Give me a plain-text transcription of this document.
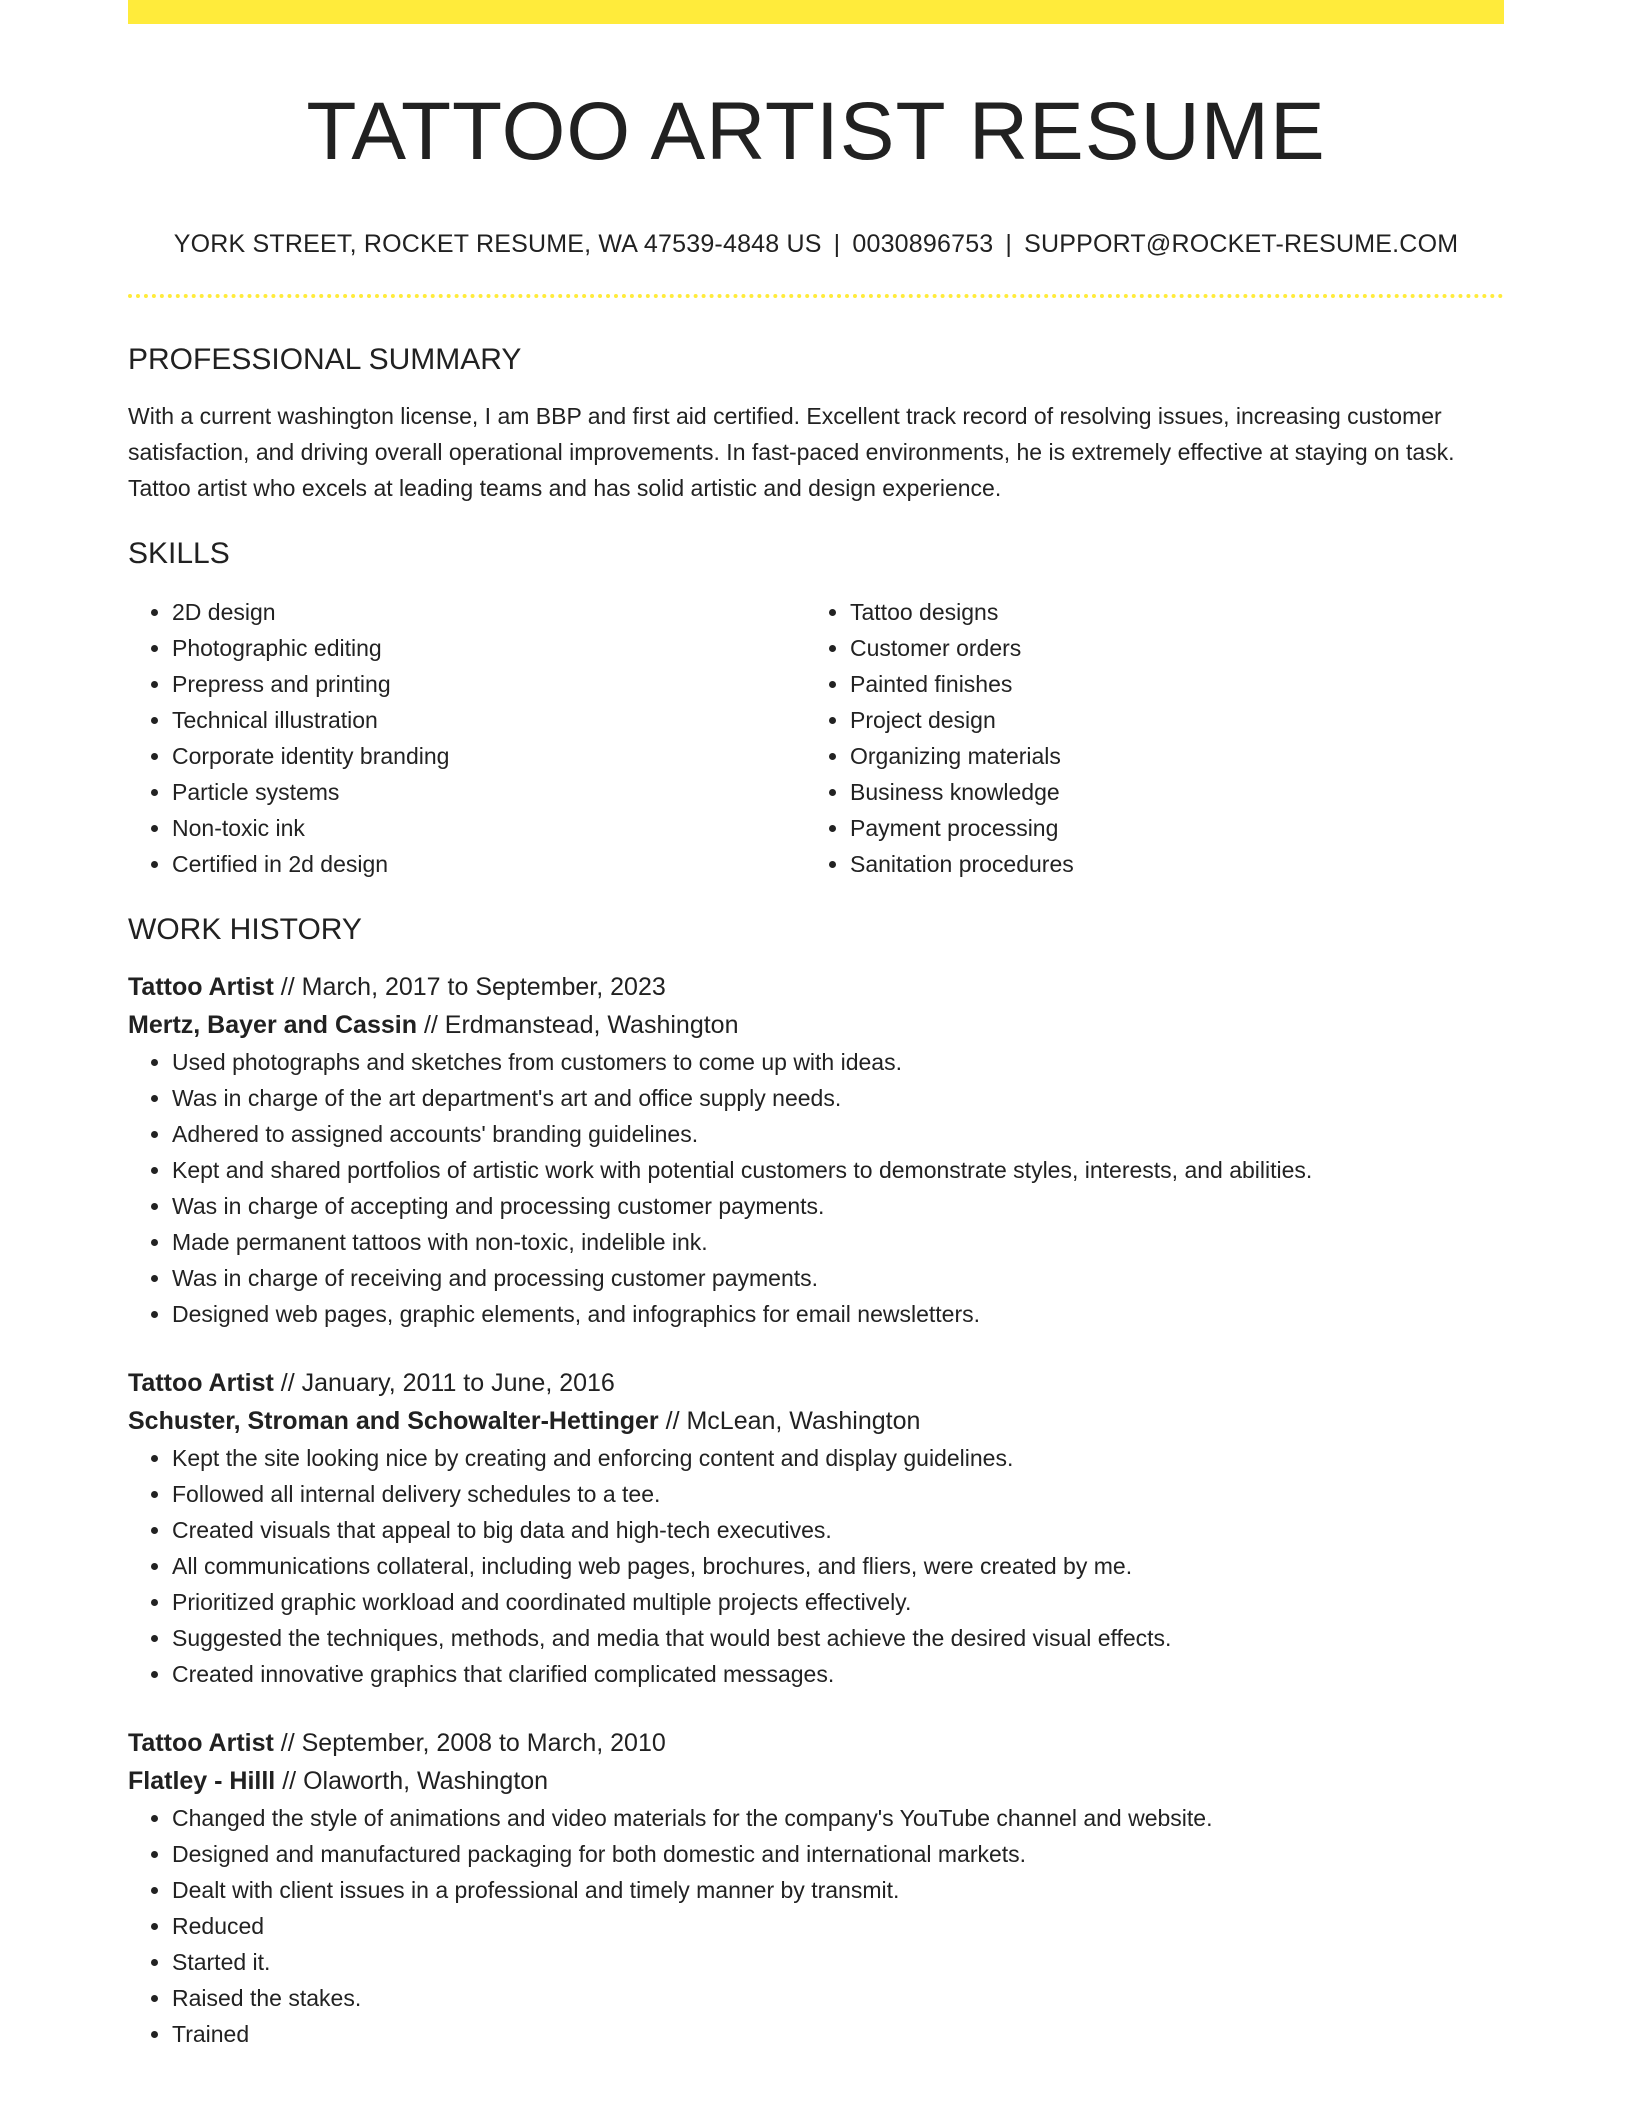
TATTOO ARTIST RESUME
YORK STREET, ROCKET RESUME, WA 47539-4848 US | 0030896753 | SUPPORT@ROCKET-RESUME.COM
PROFESSIONAL SUMMARY
With a current washington license, I am BBP and first aid certified. Excellent track record of resolving issues, increasing customer satisfaction, and driving overall operational improvements. In fast-paced environments, he is extremely effective at staying on task. Tattoo artist who excels at leading teams and has solid artistic and design experience.
SKILLS
• 2D design
• Photographic editing
• Prepress and printing
• Technical illustration
• Corporate identity branding
• Particle systems
• Non-toxic ink
• Certified in 2d design
• Tattoo designs
• Customer orders
• Painted finishes
• Project design
• Organizing materials
• Business knowledge
• Payment processing
• Sanitation procedures
WORK HISTORY
Tattoo Artist // March, 2017 to September, 2023
Mertz, Bayer and Cassin // Erdmanstead, Washington
• Used photographs and sketches from customers to come up with ideas.
• Was in charge of the art department's art and office supply needs.
• Adhered to assigned accounts' branding guidelines.
• Kept and shared portfolios of artistic work with potential customers to demonstrate styles, interests, and abilities.
• Was in charge of accepting and processing customer payments.
• Made permanent tattoos with non-toxic, indelible ink.
• Was in charge of receiving and processing customer payments.
• Designed web pages, graphic elements, and infographics for email newsletters.
Tattoo Artist // January, 2011 to June, 2016
Schuster, Stroman and Schowalter-Hettinger // McLean, Washington
• Kept the site looking nice by creating and enforcing content and display guidelines.
• Followed all internal delivery schedules to a tee.
• Created visuals that appeal to big data and high-tech executives.
• All communications collateral, including web pages, brochures, and fliers, were created by me.
• Prioritized graphic workload and coordinated multiple projects effectively.
• Suggested the techniques, methods, and media that would best achieve the desired visual effects.
• Created innovative graphics that clarified complicated messages.
Tattoo Artist // September, 2008 to March, 2010
Flatley - Hilll // Olaworth, Washington
• Changed the style of animations and video materials for the company's YouTube channel and website.
• Designed and manufactured packaging for both domestic and international markets.
• Dealt with client issues in a professional and timely manner by transmit.
• Reduced
• Started it.
• Raised the stakes.
• Trained
